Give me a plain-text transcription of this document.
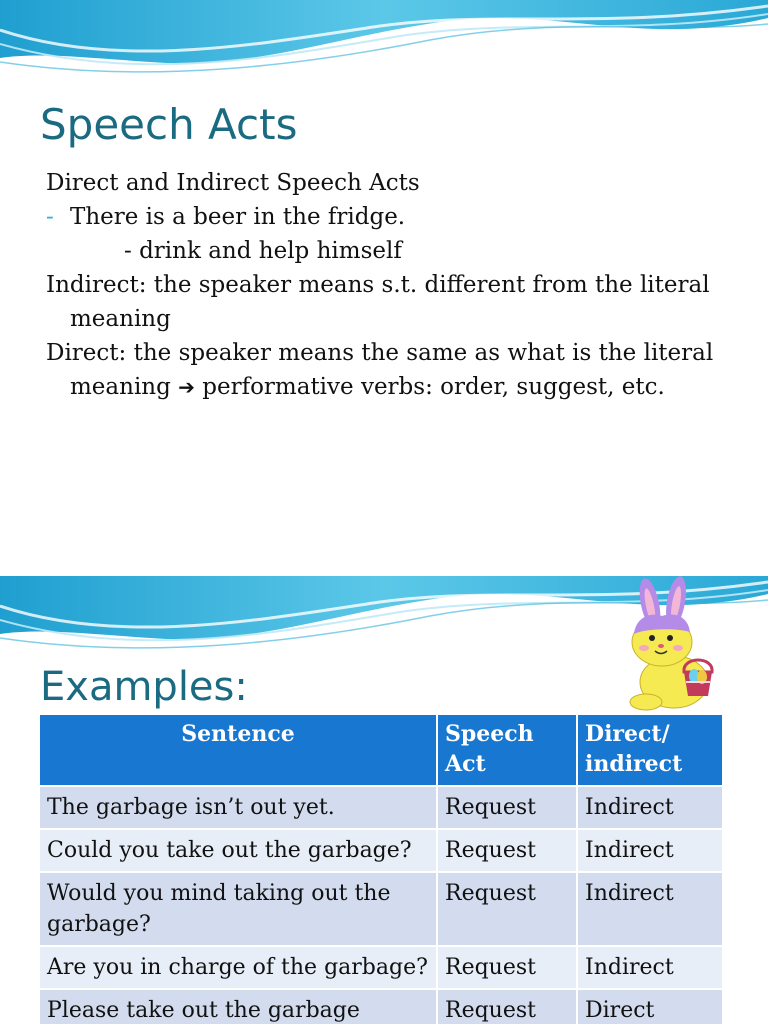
Speech Acts

Direct and Indirect Speech Acts

- There is a beer in the fridge.

- drink and help himself

Indirect: the speaker means s.t. different from the literal meaning

Direct: the speaker means the same as what is the literal meaning ➔ performative verbs: order, suggest, etc.

Examples:
Sentence	Speech Act	Direct/ indirect
The garbage isn’t out yet.	Request	Indirect
Could you take out the garbage?	Request	Indirect
Would you mind taking out the garbage?	Request	Indirect
Are you in charge of the garbage?	Request	Indirect
Please take out the garbage	Request	Direct
